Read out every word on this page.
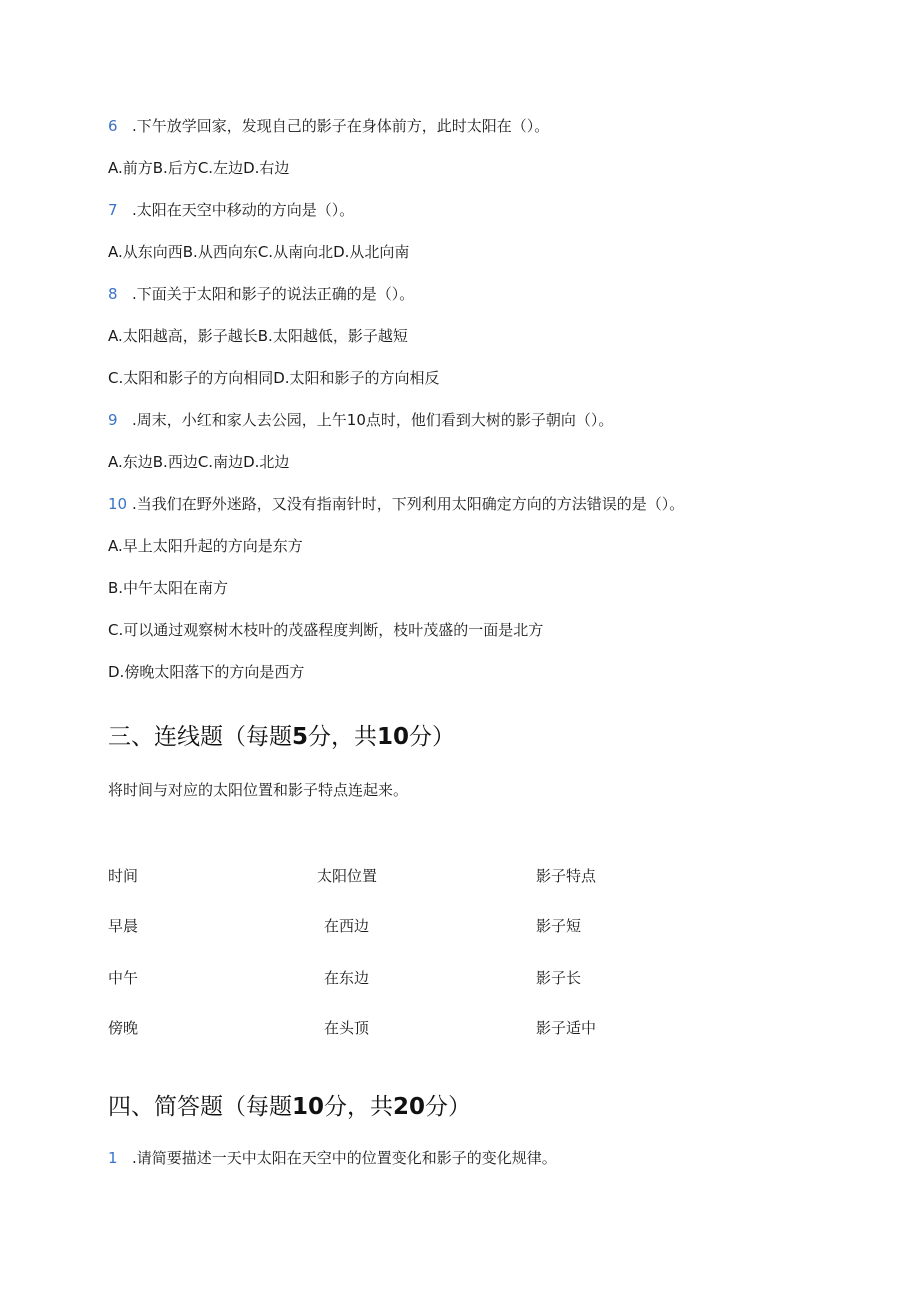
6 .下午放学回家，发现自己的影子在身体前方，此时太阳在（）。
A.前方B.后方C.左边D.右边
7 .太阳在天空中移动的方向是（）。
A.从东向西B.从西向东C.从南向北D.从北向南
8 .下面关于太阳和影子的说法正确的是（）。
A.太阳越高，影子越长B.太阳越低，影子越短
C.太阳和影子的方向相同D.太阳和影子的方向相反
9 .周末，小红和家人去公园，上午10点时，他们看到大树的影子朝向（）。
A.东边B.西边C.南边D.北边
10 .当我们在野外迷路，又没有指南针时，下列利用太阳确定方向的方法错误的是（）。
A.早上太阳升起的方向是东方
B.中午太阳在南方
C.可以通过观察树木枝叶的茂盛程度判断，枝叶茂盛的一面是北方
D.傍晚太阳落下的方向是西方
三、连线题（每题5分，共10分）
将时间与对应的太阳位置和影子特点连起来。
时间	太阳位置	影子特点
早晨	在西边	影子短
中午	在东边	影子长
傍晚	在头顶	影子适中
四、简答题（每题10分，共20分）
1 .请简要描述一天中太阳在天空中的位置变化和影子的变化规律。
